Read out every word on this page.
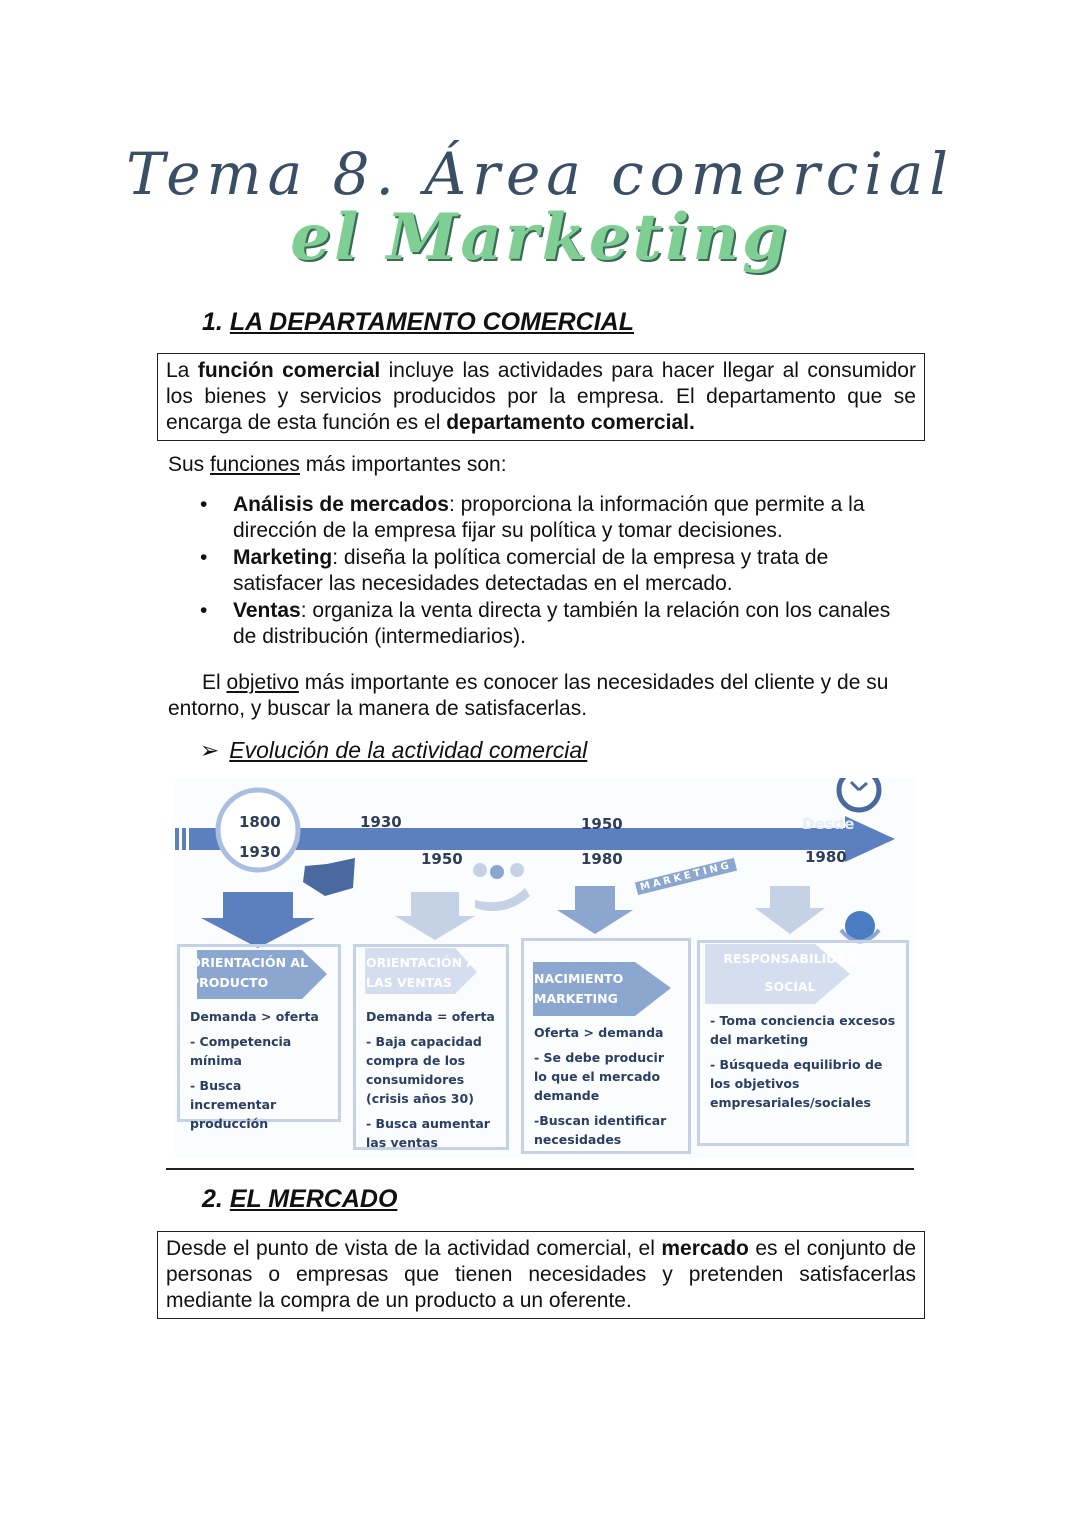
Tema 8. Área comercial
el Marketing
1. LA DEPARTAMENTO COMERCIAL
La función comercial incluye las actividades para hacer llegar al consumidor los bienes y servicios producidos por la empresa. El departamento que se encarga de esta función es el departamento comercial.
Sus funciones más importantes son:
• Análisis de mercados: proporciona la información que permite a la dirección de la empresa fijar su política y tomar decisiones.
• Marketing: diseña la política comercial de la empresa y trata de satisfacer las necesidades detectadas en el mercado.
• Ventas: organiza la venta directa y también la relación con los canales de distribución (intermediarios).
El objetivo más importante es conocer las necesidades del cliente y de su entorno, y buscar la manera de satisfacerlas.
➢ Evolución de la actividad comercial
1800
1930
1930
1950
1950
1980
Desde
1980
MARKETING
ORIENTACIÓN AL
PRODUCTO
Demanda > oferta
- Competencia mínima
- Busca incrementar producción
ORIENTACIÓN A
LAS VENTAS
Demanda = oferta
- Baja capacidad compra de los consumidores (crisis años 30)
- Busca aumentar las ventas
NACIMIENTO
MARKETING
Oferta > demanda
- Se debe producir lo que el mercado demande
-Buscan identificar necesidades
RESPONSABILIDAD
SOCIAL
- Toma conciencia excesos del marketing
- Búsqueda equilibrio de los objetivos empresariales/sociales
2. EL MERCADO
Desde el punto de vista de la actividad comercial, el mercado es el conjunto de personas o empresas que tienen necesidades y pretenden satisfacerlas mediante la compra de un producto a un oferente.
